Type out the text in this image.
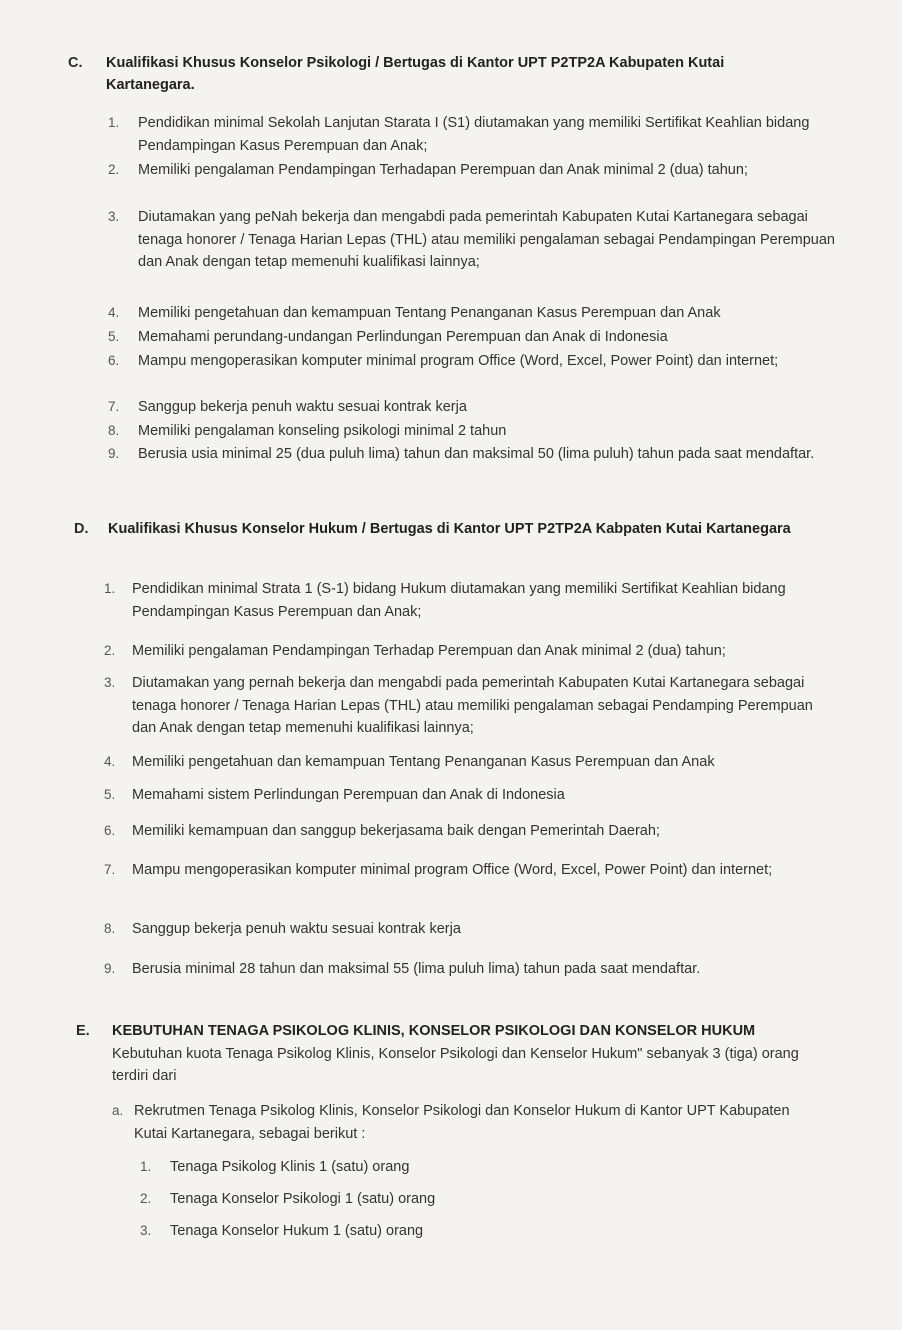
C. Kualifikasi Khusus Konselor Psikologi / Bertugas di Kantor UPT P2TP2A Kabupaten Kutai Kartanegara.
1. Pendidikan minimal Sekolah Lanjutan Starata I (S1) diutamakan yang memiliki Sertifikat Keahlian bidang Pendampingan Kasus Perempuan dan Anak;
2. Memiliki pengalaman Pendampingan Terhadapan Perempuan dan Anak minimal 2 (dua) tahun;
3. Diutamakan yang peNah bekerja dan mengabdi pada pemerintah Kabupaten Kutai Kartanegara sebagai tenaga honorer / Tenaga Harian Lepas (THL) atau memiliki pengalaman sebagai Pendampingan Perempuan dan Anak dengan tetap memenuhi kualifikasi lainnya;
4. Memiliki pengetahuan dan kemampuan Tentang Penanganan Kasus Perempuan dan Anak
5. Memahami perundang-undangan Perlindungan Perempuan dan Anak di Indonesia
6. Mampu mengoperasikan komputer minimal program Office (Word, Excel, Power Point) dan internet;
7. Sanggup bekerja penuh waktu sesuai kontrak kerja
8. Memiliki pengalaman konseling psikologi minimal 2 tahun
9. Berusia usia minimal 25 (dua puluh lima) tahun dan maksimal 50 (lima puluh) tahun pada saat mendaftar.
D. Kualifikasi Khusus Konselor Hukum / Bertugas di Kantor UPT P2TP2A Kabpaten Kutai Kartanegara
1. Pendidikan minimal Strata 1 (S-1) bidang Hukum diutamakan yang memiliki Sertifikat Keahlian bidang Pendampingan Kasus Perempuan dan Anak;
2. Memiliki pengalaman Pendampingan Terhadap Perempuan dan Anak minimal 2 (dua) tahun;
3. Diutamakan yang pernah bekerja dan mengabdi pada pemerintah Kabupaten Kutai Kartanegara sebagai tenaga honorer / Tenaga Harian Lepas (THL) atau memiliki pengalaman sebagai Pendamping Perempuan dan Anak dengan tetap memenuhi kualifikasi lainnya;
4. Memiliki pengetahuan dan kemampuan Tentang Penanganan Kasus Perempuan dan Anak
5. Memahami sistem Perlindungan Perempuan dan Anak di Indonesia
6. Memiliki kemampuan dan sanggup bekerjasama baik dengan Pemerintah Daerah;
7. Mampu mengoperasikan komputer minimal program Office (Word, Excel, Power Point) dan internet;
8. Sanggup bekerja penuh waktu sesuai kontrak kerja
9. Berusia minimal 28 tahun dan maksimal 55 (lima puluh lima) tahun pada saat mendaftar.
E. KEBUTUHAN TENAGA PSIKOLOG KLINIS, KONSELOR PSIKOLOGI DAN KONSELOR HUKUM
Kebutuhan kuota Tenaga Psikolog Klinis, Konselor Psikologi dan Kenselor Hukum" sebanyak 3 (tiga) orang terdiri dari
a. Rekrutmen Tenaga Psikolog Klinis, Konselor Psikologi dan Konselor Hukum di Kantor UPT Kabupaten Kutai Kartanegara, sebagai berikut :
1. Tenaga Psikolog Klinis 1 (satu) orang
2. Tenaga Konselor Psikologi 1 (satu) orang
3. Tenaga Konselor Hukum 1 (satu) orang
